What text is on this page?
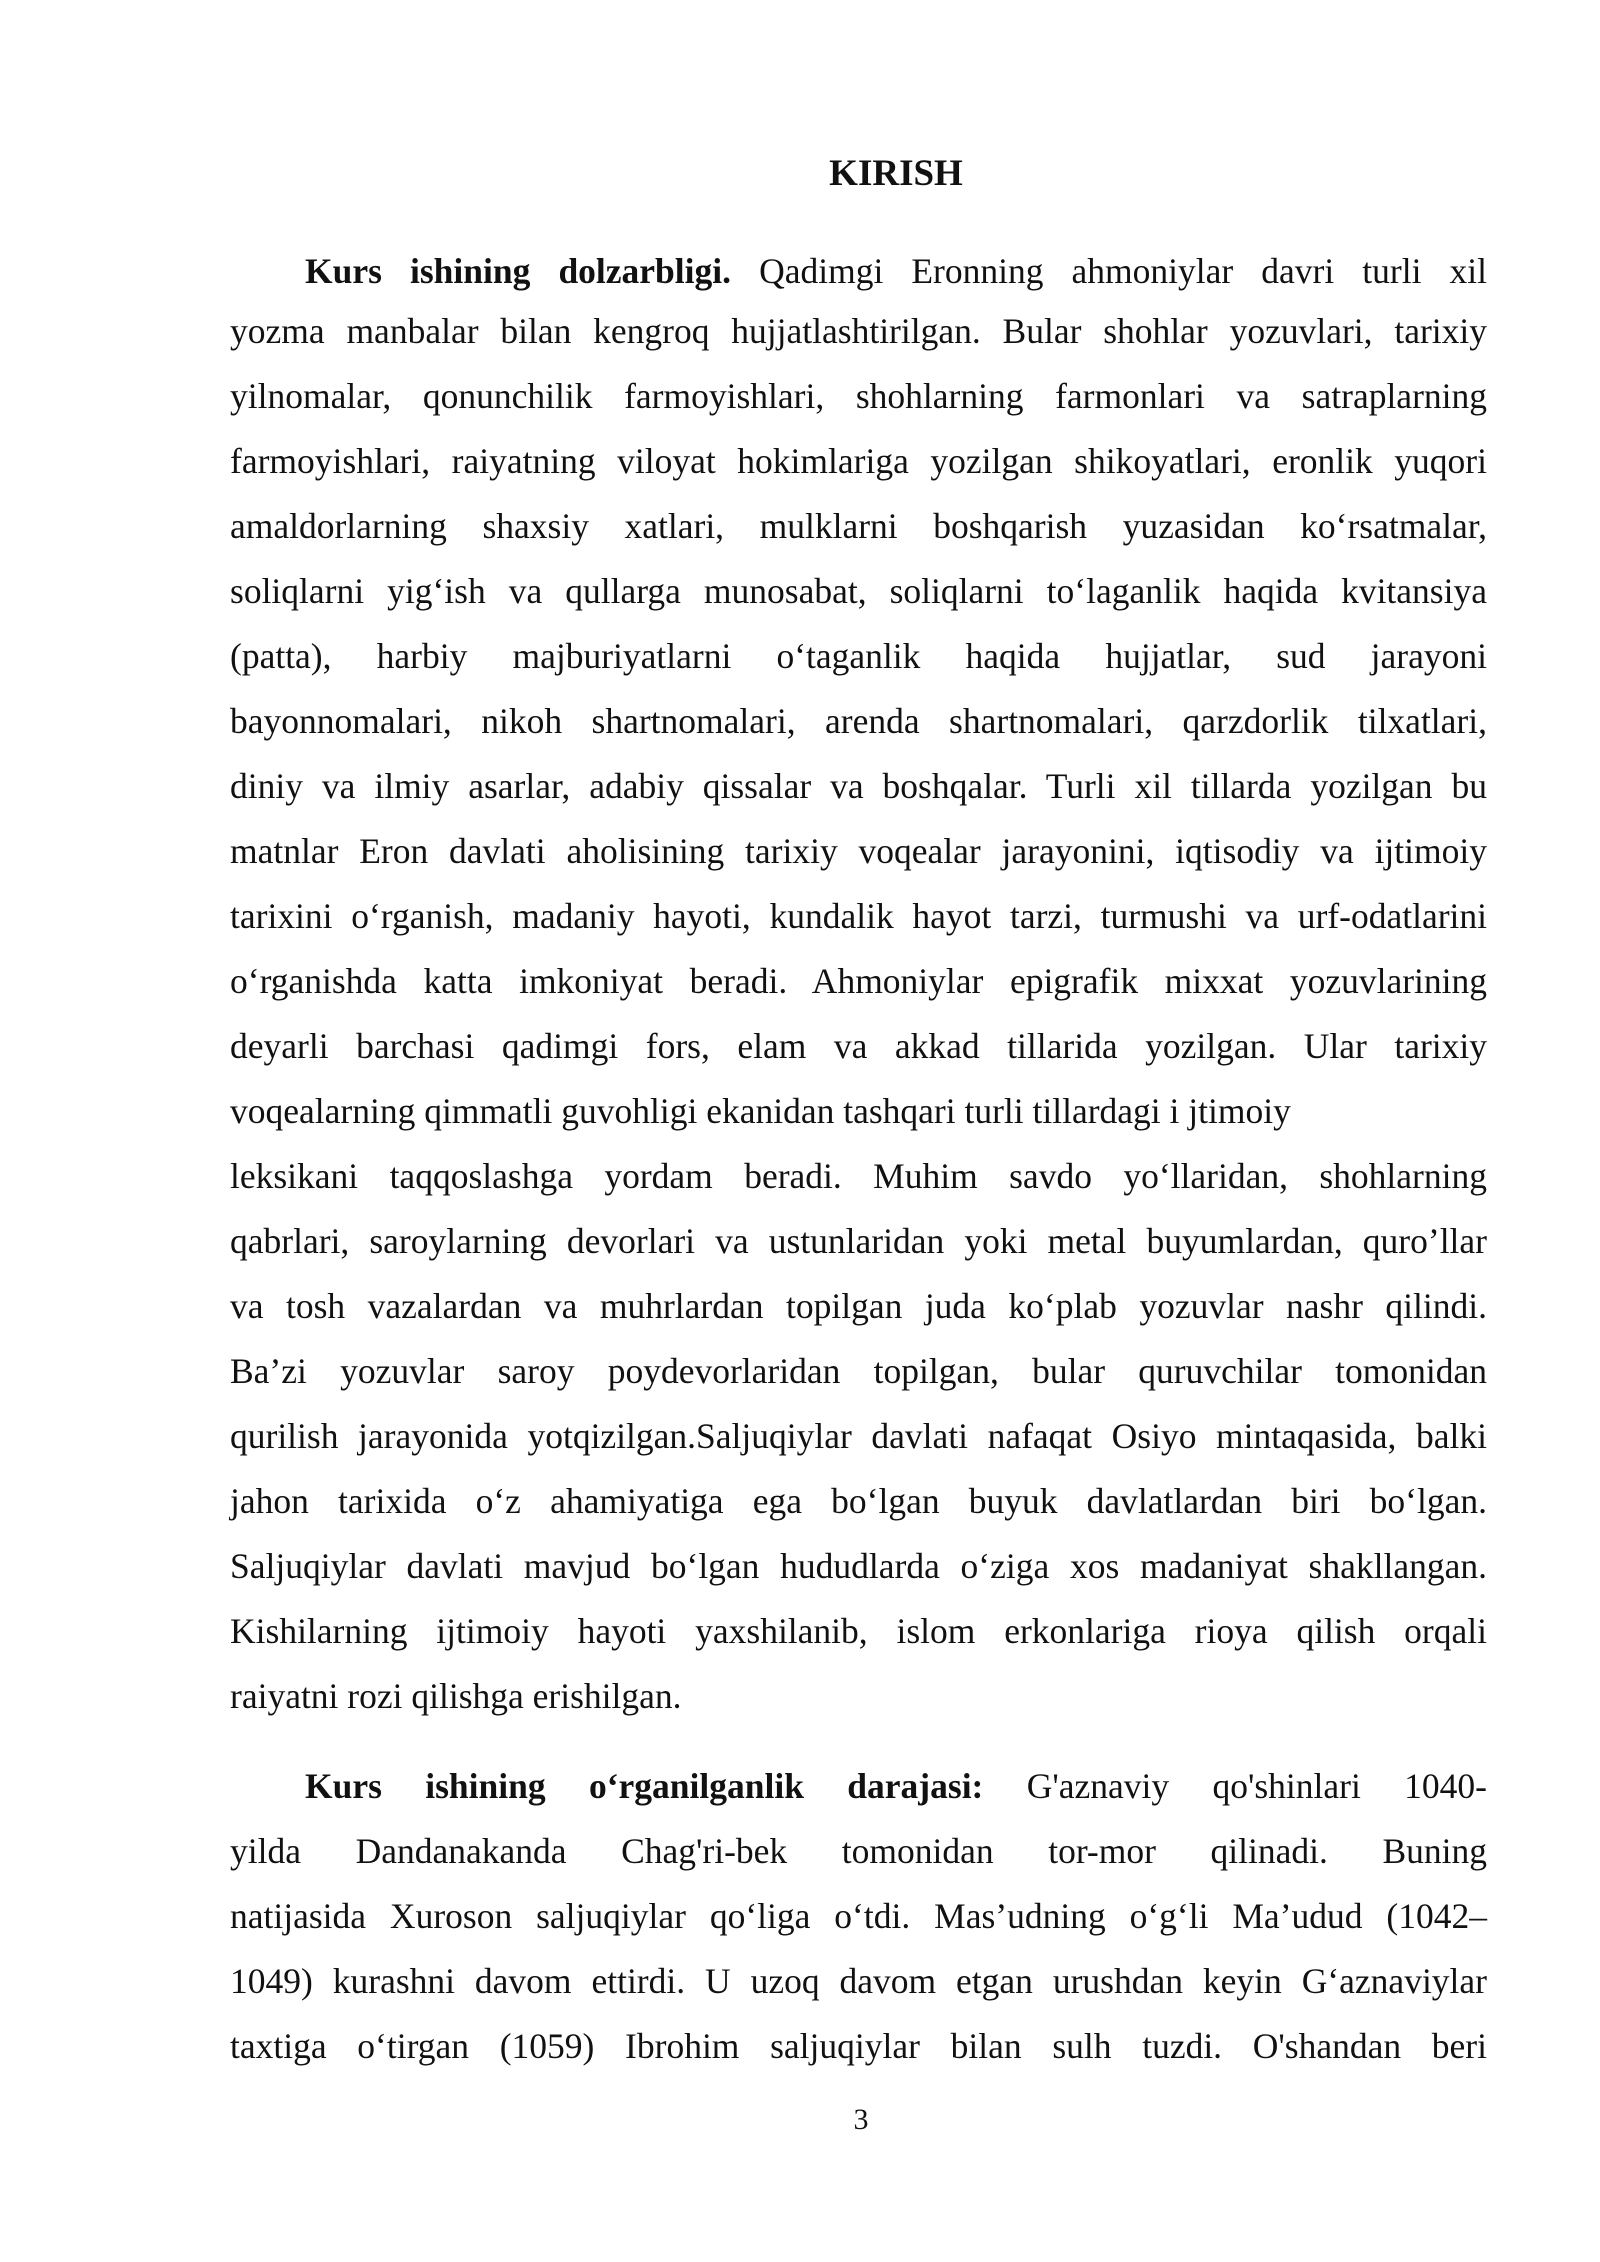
KIRISH
Kurs ishining dolzarbligi. Qadimgi Eronning ahmoniylar davri turli xil
yozma manbalar bilan kengroq hujjatlashtirilgan. Bular shohlar yozuvlari, tarixiy
yilnomalar, qonunchilik farmoyishlari, shohlarning farmonlari va satraplarning
farmoyishlari, raiyatning viloyat hokimlariga yozilgan shikoyatlari, eronlik yuqori
amaldorlarning shaxsiy xatlari, mulklarni boshqarish yuzasidan ko‘rsatmalar,
soliqlarni yig‘ish va qullarga munosabat, soliqlarni to‘laganlik haqida kvitansiya
(patta), harbiy majburiyatlarni o‘taganlik haqida hujjatlar, sud jarayoni
bayonnomalari, nikoh shartnomalari, arenda shartnomalari, qarzdorlik tilxatlari,
diniy va ilmiy asarlar, adabiy qissalar va boshqalar. Turli xil tillarda yozilgan bu
matnlar Eron davlati aholisining tarixiy voqealar jarayonini, iqtisodiy va ijtimoiy
tarixini o‘rganish, madaniy hayoti, kundalik hayot tarzi, turmushi va urf-odatlarini
o‘rganishda katta imkoniyat beradi. Ahmoniylar epigrafik mixxat yozuvlarining
deyarli barchasi qadimgi fors, elam va akkad tillarida yozilgan. Ular tarixiy
voqealarning qimmatli guvohligi ekanidan tashqari turli tillardagi i jtimoiy
leksikani taqqoslashga yordam beradi. Muhim savdo yo‘llaridan, shohlarning
qabrlari, saroylarning devorlari va ustunlaridan yoki metal buyumlardan, quro’llar
va tosh vazalardan va muhrlardan topilgan juda ko‘plab yozuvlar nashr qilindi.
Ba’zi yozuvlar saroy poydevorlaridan topilgan, bular quruvchilar tomonidan
qurilish jarayonida yotqizilgan.Saljuqiylar davlati nafaqat Osiyo mintaqasida, balki
jahon tarixida o‘z ahamiyatiga ega bo‘lgan buyuk davlatlardan biri bo‘lgan.
Saljuqiylar davlati mavjud bo‘lgan hududlarda o‘ziga xos madaniyat shakllangan.
Kishilarning ijtimoiy hayoti yaxshilanib, islom erkonlariga rioya qilish orqali
raiyatni rozi qilishga erishilgan.
Kurs ishining o‘rganilganlik darajasi: G'aznaviy qo'shinlari 1040-
yilda Dandanakanda Chag'ri-bek tomonidan tor-mor qilinadi. Buning
natijasida Xuroson saljuqiylar qo‘liga o‘tdi. Mas’udning o‘g‘li Ma’udud (1042–
1049) kurashni davom ettirdi. U uzoq davom etgan urushdan keyin G‘aznaviylar
taxtiga o‘tirgan (1059) Ibrohim saljuqiylar bilan sulh tuzdi. O'shandan beri
3
